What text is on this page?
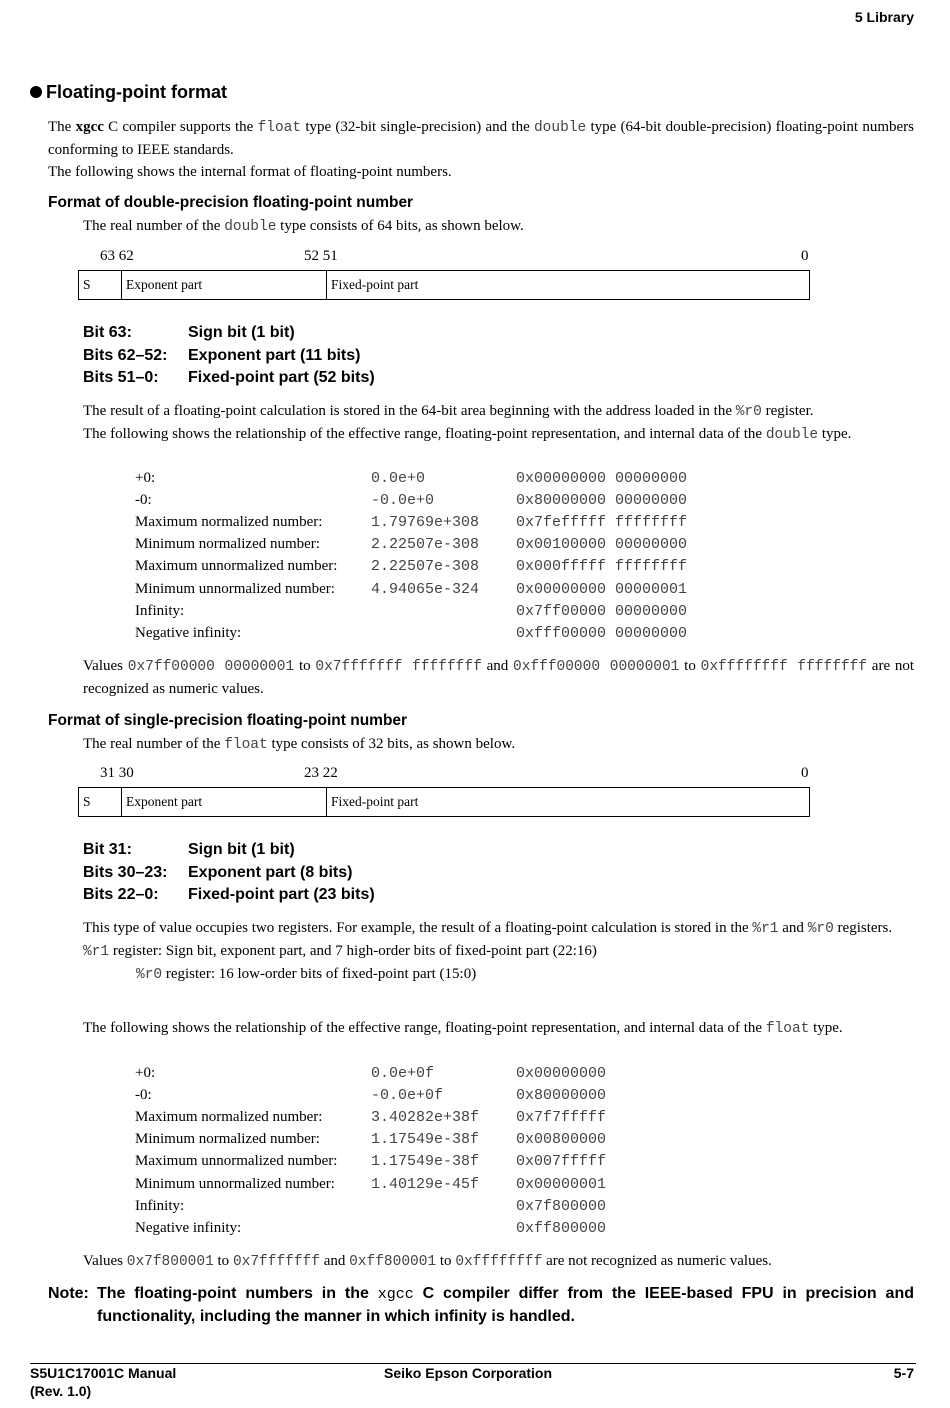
5 Library
Floating-point format

The xgcc C compiler supports the float type (32-bit single-precision) and the double type (64-bit double-precision) floating-point numbers conforming to IEEE standards.

The following shows the internal format of floating-point numbers.

Format of double-precision floating-point number

The real number of the double type consists of 64 bits, as shown below.

63 62	52 51	0
S	Exponent part	Fixed-point part
Bit 63:	Sign bit (1 bit)
Bits 62–52: Exponent part (11 bits)
Bits 51–0: Fixed-point part (52 bits)

The result of a floating-point calculation is stored in the 64-bit area beginning with the address loaded in the %r0 register.

The following shows the relationship of the effective range, floating-point representation, and internal data of the double type.

+0:	0.0e+0	0x00000000 00000000
-0:	-0.0e+0	0x80000000 00000000
Maximum normalized number:	1.79769e+308	0x7fefffff ffffffff
Minimum normalized number:	2.22507e-308	0x00100000 00000000
Maximum unnormalized number:	2.22507e-308	0x000fffff ffffffff
Minimum unnormalized number:	4.94065e-324	0x00000000 00000001
Infinity:		0x7ff00000 00000000
Negative infinity:		0xfff00000 00000000

Values 0x7ff00000 00000001 to 0x7fffffff ffffffff and 0xfff00000 00000001 to 0xffffffff ffffffff are not recognized as numeric values.

Format of single-precision floating-point number

The real number of the float type consists of 32 bits, as shown below.

31 30	23 22	0
S	Exponent part	Fixed-point part
Bit 31:	Sign bit (1 bit)
Bits 30–23: Exponent part (8 bits)
Bits 22–0: Fixed-point part (23 bits)

This type of value occupies two registers. For example, the result of a floating-point calculation is stored in the %r1 and %r0 registers.

%r1 register: Sign bit, exponent part, and 7 high-order bits of fixed-point part (22:16)

%r0 register: 16 low-order bits of fixed-point part (15:0)

The following shows the relationship of the effective range, floating-point representation, and internal data of the float type.

+0:	0.0e+0f	0x00000000
-0:	-0.0e+0f	0x80000000
Maximum normalized number:	3.40282e+38f	0x7f7fffff
Minimum normalized number:	1.17549e-38f	0x00800000
Maximum unnormalized number:	1.17549e-38f	0x007fffff
Minimum unnormalized number:	1.40129e-45f	0x00000001
Infinity:		0x7f800000
Negative infinity:		0xff800000

Values 0x7f800001 to 0x7fffffff and 0xff800001 to 0xffffffff are not recognized as numeric values.

Note: The floating-point numbers in the xgcc C compiler differ from the IEEE-based FPU in precision and functionality, including the manner in which infinity is handled.
S5U1C17001C Manual
(Rev. 1.0)
Seiko Epson Corporation	5-7
